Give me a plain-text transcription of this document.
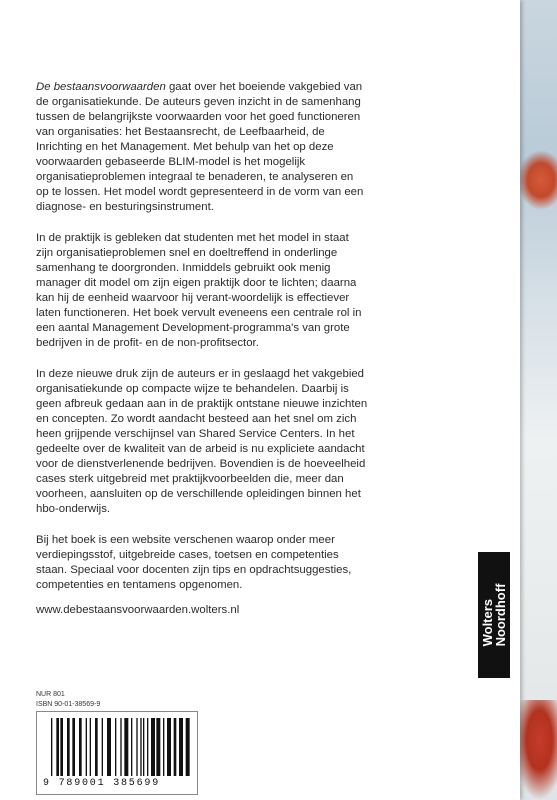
De bestaansvoorwaarden gaat over het boeiende vakgebied van de organisatiekunde. De auteurs geven inzicht in de samenhang tussen de belangrijkste voorwaarden voor het goed functioneren van organisaties: het Bestaansrecht, de Leefbaarheid, de Inrichting en het Management. Met behulp van het op deze voorwaarden gebaseerde BLIM-model is het mogelijk organisatieproblemen integraal te benaderen, te analyseren en op te lossen. Het model wordt gepresenteerd in de vorm van een diagnose- en besturingsinstrument.

In de praktijk is gebleken dat studenten met het model in staat zijn organisatieproblemen snel en doeltreffend in onderlinge samenhang te doorgronden. Inmiddels gebruikt ook menig manager dit model om zijn eigen praktijk door te lichten; daarna kan hij de eenheid waarvoor hij verant-woordelijk is effectiever laten functioneren. Het boek vervult eveneens een centrale rol in een aantal Management Development-programma's van grote bedrijven in de profit- en de non-profitsector.

In deze nieuwe druk zijn de auteurs er in geslaagd het vakgebied organisatiekunde op compacte wijze te behandelen. Daarbij is geen afbreuk gedaan aan in de praktijk ontstane nieuwe inzichten en concepten. Zo wordt aandacht besteed aan het snel om zich heen grijpende verschijnsel van Shared Service Centers. In het gedeelte over de kwaliteit van de arbeid is nu expliciete aandacht voor de dienstverlenende bedrijven. Bovendien is de hoeveelheid cases sterk uitgebreid met praktijkvoorbeelden die, meer dan voorheen, aansluiten op de verschillende opleidingen binnen het hbo-onderwijs.

Bij het boek is een website verschenen waarop onder meer verdiepingsstof, uitgebreide cases, toetsen en competenties staan. Speciaal voor docenten zijn tips en opdrachtsuggesties, competenties en tentamens opgenomen.

www.debestaansvoorwaarden.wolters.nl
NUR 801
ISBN 90-01-38569-9
9 789001 385699
Wolters
Noordhoff
